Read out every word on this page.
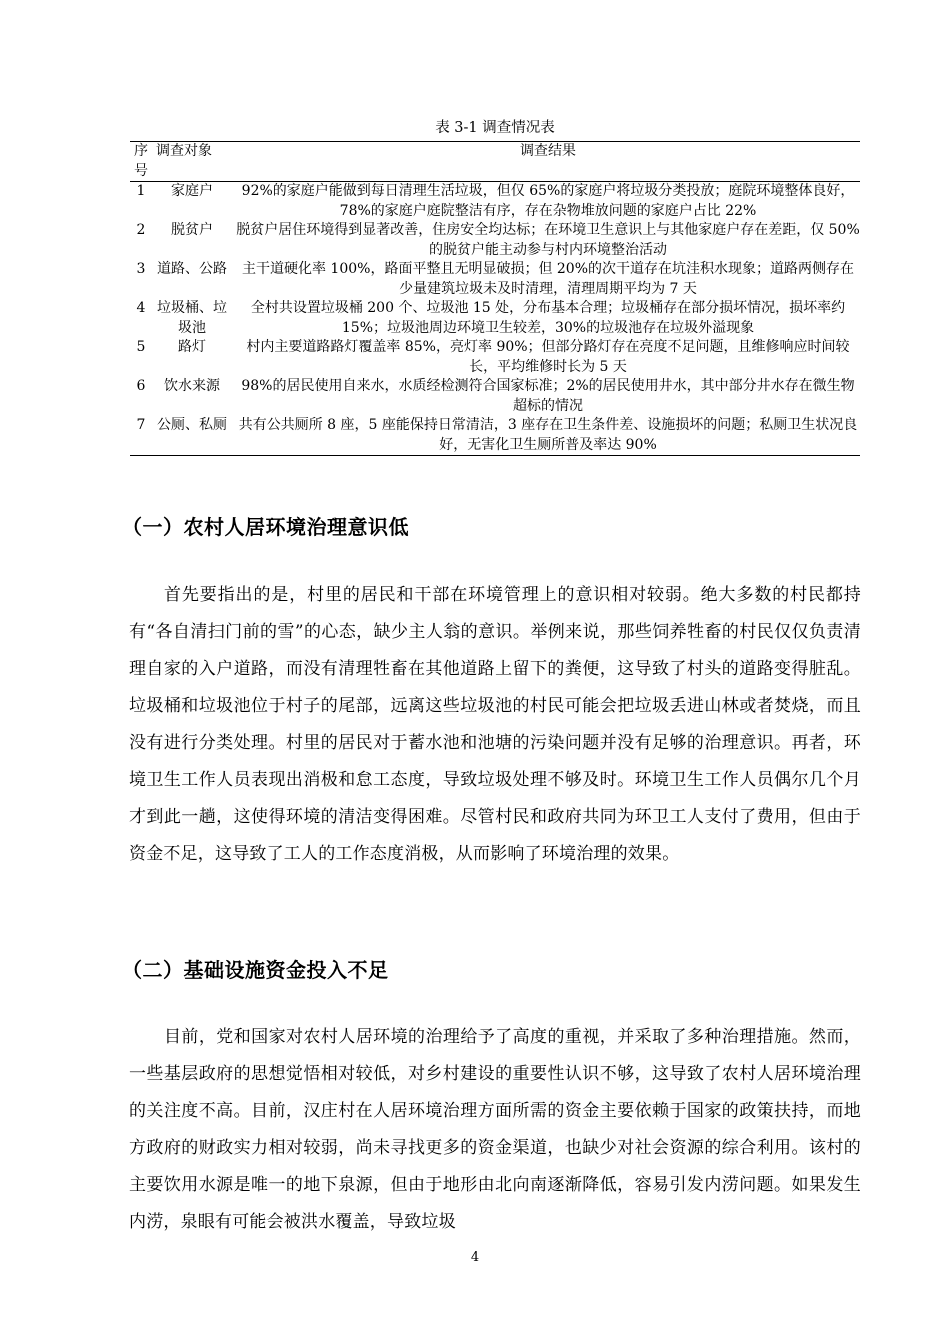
表 3-1 调查情况表
序号	调查对象	调查结果
1	家庭户	92%的家庭户能做到每日清理生活垃圾，但仅 65%的家庭户将垃圾分类投放；庭院环境整体良好，78%的家庭户庭院整洁有序，存在杂物堆放问题的家庭户占比 22%
2	脱贫户	脱贫户居住环境得到显著改善，住房安全均达标；在环境卫生意识上与其他家庭户存在差距，仅 50%的脱贫户能主动参与村内环境整治活动
3	道路、公路	主干道硬化率 100%，路面平整且无明显破损；但 20%的次干道存在坑洼积水现象；道路两侧存在少量建筑垃圾未及时清理，清理周期平均为 7 天
4	垃圾桶、垃圾池	全村共设置垃圾桶 200 个、垃圾池 15 处，分布基本合理；垃圾桶存在部分损坏情况，损坏率约 15%；垃圾池周边环境卫生较差，30%的垃圾池存在垃圾外溢现象
5	路灯	村内主要道路路灯覆盖率 85%，亮灯率 90%；但部分路灯存在亮度不足问题，且维修响应时间较长，平均维修时长为 5 天
6	饮水来源	98%的居民使用自来水，水质经检测符合国家标准；2%的居民使用井水，其中部分井水存在微生物超标的情况
7	公厕、私厕	共有公共厕所 8 座，5 座能保持日常清洁，3 座存在卫生条件差、设施损坏的问题；私厕卫生状况良好，无害化卫生厕所普及率达 90%
（一）农村人居环境治理意识低
首先要指出的是，村里的居民和干部在环境管理上的意识相对较弱。绝大多数的村民都持有“各自清扫门前的雪”的心态，缺少主人翁的意识。举例来说，那些饲养牲畜的村民仅仅负责清理自家的入户道路，而没有清理牲畜在其他道路上留下的粪便，这导致了村头的道路变得脏乱。垃圾桶和垃圾池位于村子的尾部，远离这些垃圾池的村民可能会把垃圾丢进山林或者焚烧，而且没有进行分类处理。村里的居民对于蓄水池和池塘的污染问题并没有足够的治理意识。再者，环境卫生工作人员表现出消极和怠工态度，导致垃圾处理不够及时。环境卫生工作人员偶尔几个月才到此一趟，这使得环境的清洁变得困难。尽管村民和政府共同为环卫工人支付了费用，但由于资金不足，这导致了工人的工作态度消极，从而影响了环境治理的效果。
（二）基础设施资金投入不足
目前，党和国家对农村人居环境的治理给予了高度的重视，并采取了多种治理措施。然而，一些基层政府的思想觉悟相对较低，对乡村建设的重要性认识不够，这导致了农村人居环境治理的关注度不高。目前，汉庄村在人居环境治理方面所需的资金主要依赖于国家的政策扶持，而地方政府的财政实力相对较弱，尚未寻找更多的资金渠道，也缺少对社会资源的综合利用。该村的主要饮用水源是唯一的地下泉源，但由于地形由北向南逐渐降低，容易引发内涝问题。如果发生内涝，泉眼有可能会被洪水覆盖，导致垃圾
4
